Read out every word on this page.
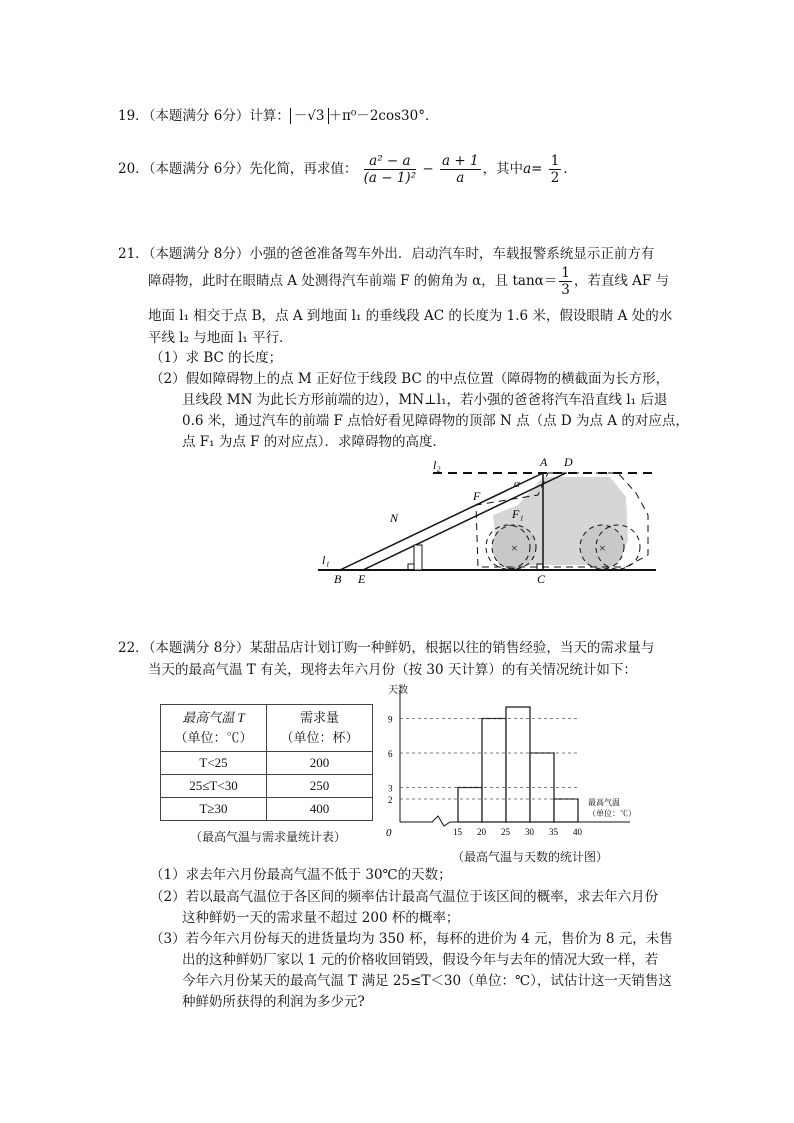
19．（本题满分 6分）计算： －√3 ＋π⁰－2cos30°．
20．（本题满分 6分）先化简，再求值： $\frac{\text{a² − a}}{\text{(a − 1)²}} - \frac{a + 1}{a}$ ，其中$a= \frac{1}{2}$ ．
21．（本题满分 8分）小强的爸爸准备驾车外出．启动汽车时，车载报警系统显示正前方有
障碍物，此时在眼睛点 A 处测得汽车前端 F 的俯角为 α，且 $\tan\alpha= \frac{1}{3}$ ，若直线 AF 与
地面 l₁ 相交于点 B，点 A 到地面 l₁ 的垂线段 AC 的长度为 1.6 米，假设眼睛 A 处的水
平线 l₂ 与地面 l₁ 平行．
（1）求 BC 的长度；
（2）假如障碍物上的点 M 正好位于线段 BC 的中点位置（障碍物的横截面为长方形，
且线段 MN 为此长方形前端的边），MN⊥l₁，若小强的爸爸将汽车沿直线 l₁ 后退
0.6 米，通过汽车的前端 F 点恰好看见障碍物的顶部 N 点（点 D 为点 A 的对应点，
点 F₁ 为点 F 的对应点）．求障碍物的高度．
×	×
l₂	A D
α
F
F₁
N
l₁
B E	C
22．（本题满分 8分）某甜品店计划订购一种鲜奶，根据以往的销售经验，当天的需求量与
当天的最高气温 T 有关，现将去年六月份（按 30 天计算）的有关情况统计如下：
最高气温 T
（单位：℃）	需求量
（单位：杯）
T<25	200
25≤T<30	250
T≥30	400
（最高气温与需求量统计表）
天数
0
2
3
6
9
15 20 25 30 35 40
最高气温
（单位：℃）
（最高气温与天数的统计图）
（1）求去年六月份最高气温不低于 30℃的天数；
（2）若以最高气温位于各区间的频率估计最高气温位于该区间的概率，求去年六月份
这种鲜奶一天的需求量不超过 200 杯的概率；
（3）若今年六月份每天的进货量均为 350 杯，每杯的进价为 4 元，售价为 8 元，未售
出的这种鲜奶厂家以 1 元的价格收回销毁，假设今年与去年的情况大致一样，若
今年六月份某天的最高气温 T 满足 25≤T＜30（单位：℃），试估计这一天销售这
种鲜奶所获得的利润为多少元?
